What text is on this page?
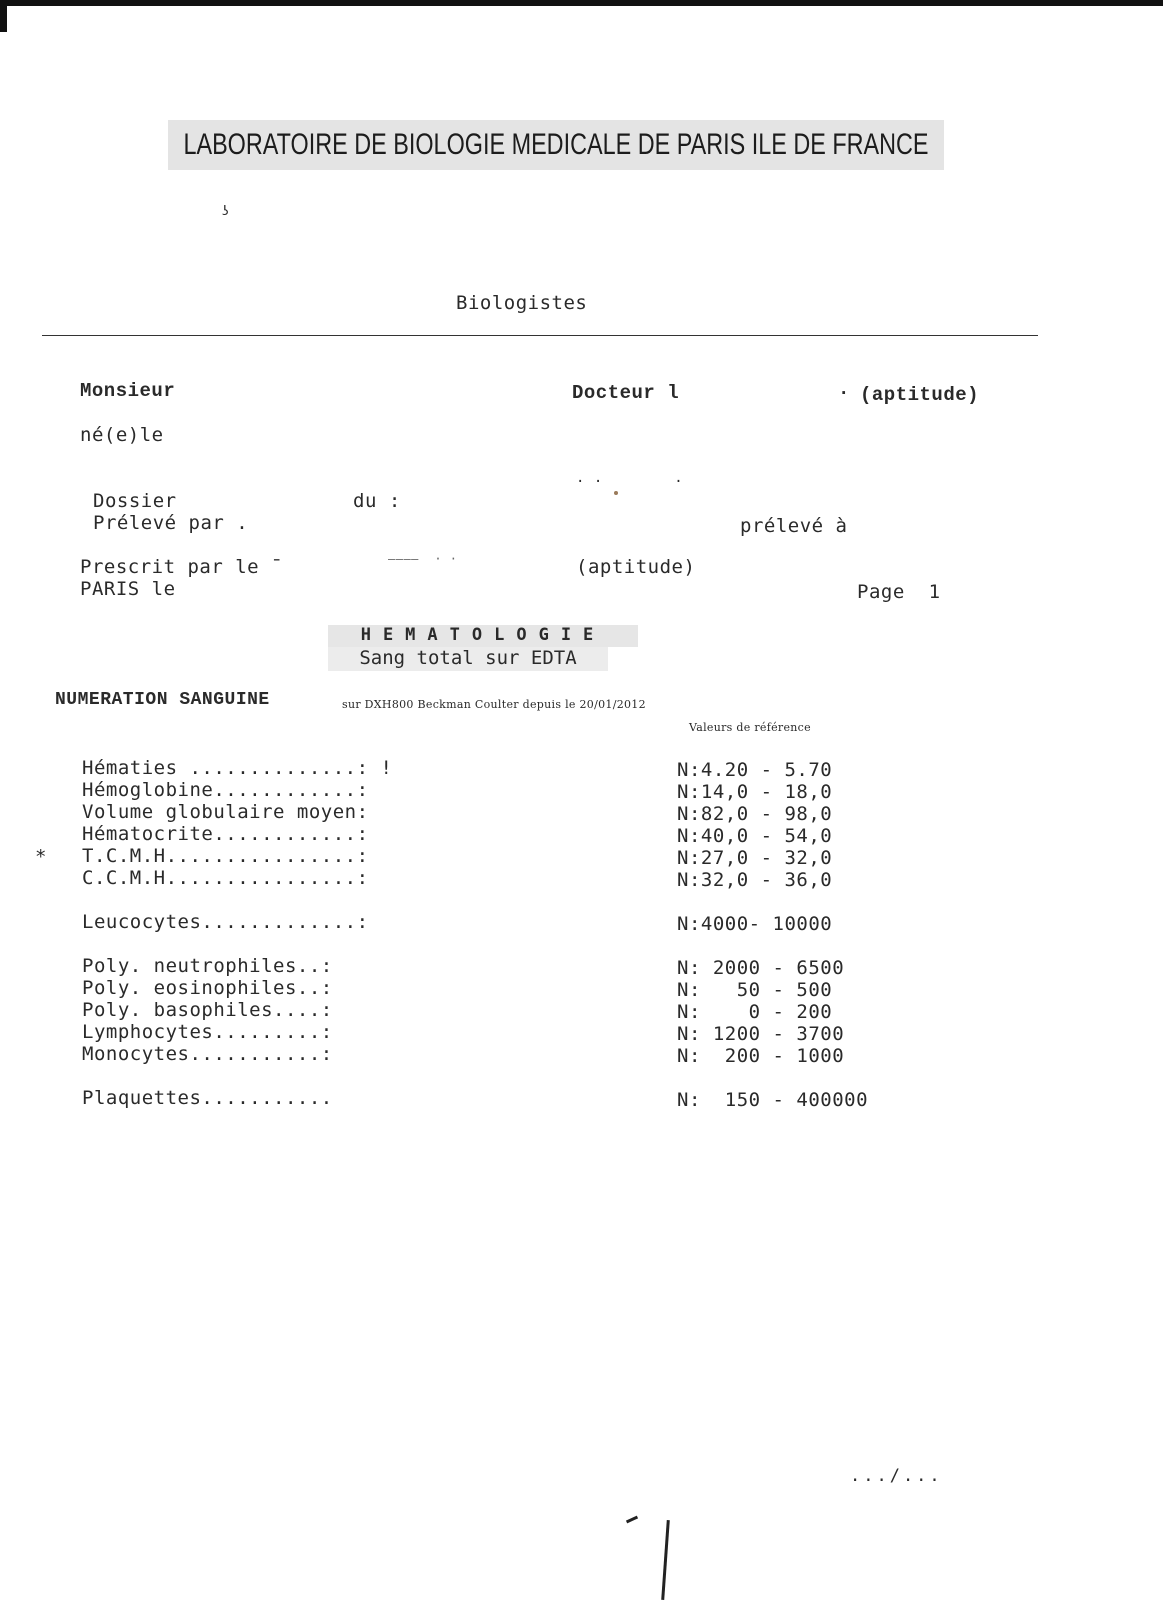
LABORATOIRE DE BIOLOGIE MEDICALE DE PARIS ILE DE FRANCE
ʖ
Biologistes
Monsieur	Docteur l	· (aptitude)
né(e)le
. .        .
Dossier	du :
Prélevé par .	prélevé à
Prescrit par le ˉ	‒‒‒‒  · ·	(aptitude)
PARIS le	Page  1
HEMATOLOGIE
Sang total sur EDTA
NUMERATION SANGUINE	sur DXH800 Beckman Coulter depuis le 20/01/2012
Valeurs de référence
*
Hématies ..............: !	N:4.20 - 5.70
Hémoglobine............:	N:14,0 - 18,0
Volume globulaire moyen:	N:82,0 - 98,0
Hématocrite............:	N:40,0 - 54,0
T.C.M.H................:	N:27,0 - 32,0
C.C.M.H................:	N:32,0 - 36,0
Leucocytes.............:	N:4000- 10000
Poly. neutrophiles..:	N: 2000 - 6500
Poly. eosinophiles..:	N:   50 - 500
Poly. basophiles....:	N:    0 - 200
Lymphocytes.........:	N: 1200 - 3700
Monocytes...........:	N:  200 - 1000
Plaquettes...........	N:  150 - 400000
.../...
